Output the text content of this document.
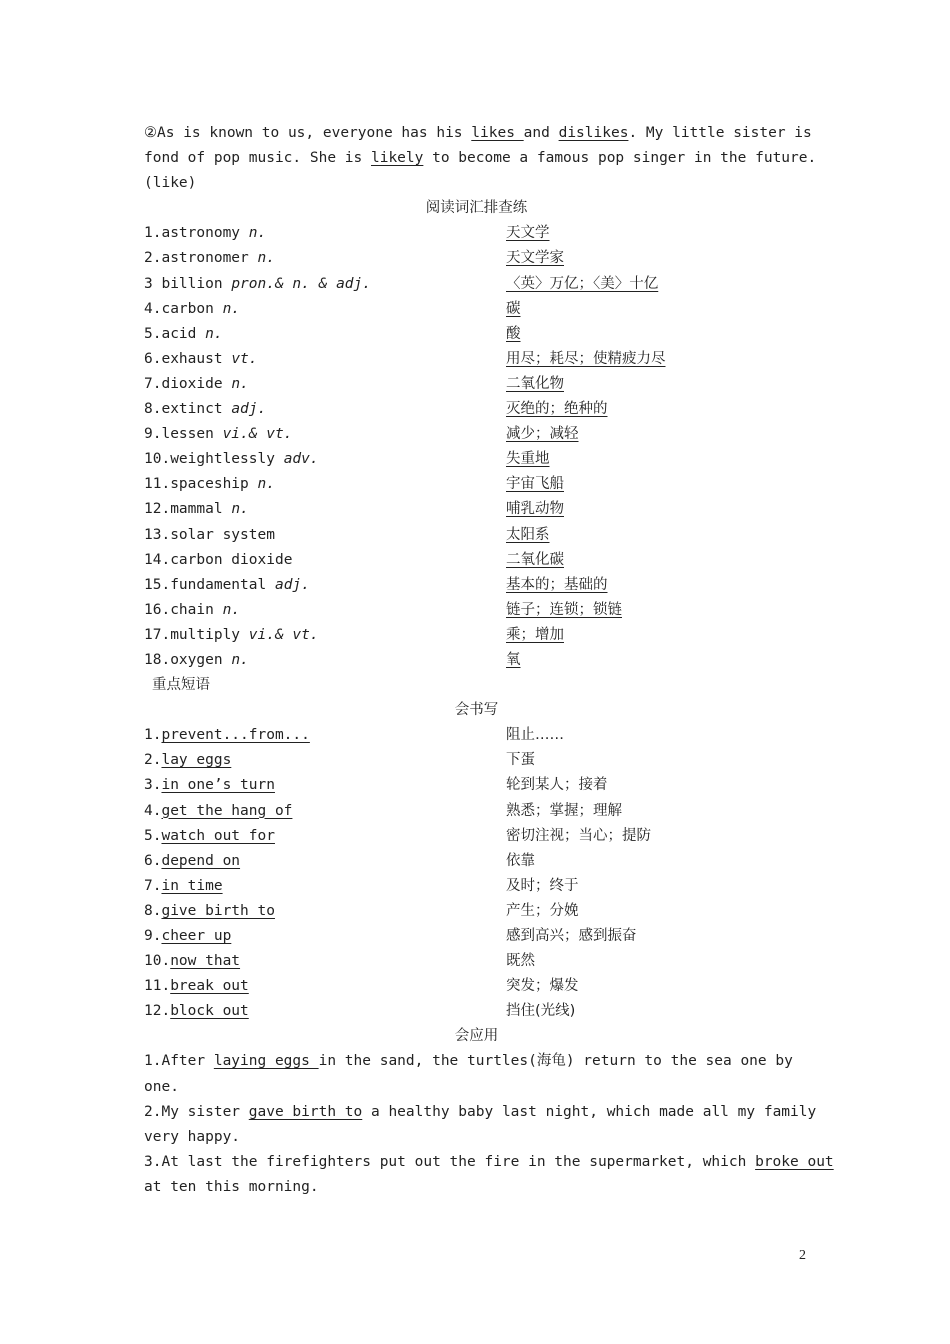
②As is known to us, everyone has his likes and dislikes. My little sister is
fond of pop music. She is likely to become a famous pop singer in the future.
(like)
阅读词汇排查练
1.astronomy n.	天文学
2.astronomer n.	天文学家
3 billion pron.& n. & adj.	〈英〉万亿；〈美〉十亿
4.carbon n.	碳
5.acid n.	酸
6.exhaust vt.	用尽；耗尽；使精疲力尽
7.dioxide n.	二氧化物
8.extinct adj.	灭绝的；绝种的
9.lessen vi.& vt.	减少；减轻
10.weightlessly adv.	失重地
11.spaceship n.	宇宙飞船
12.mammal n.	哺乳动物
13.solar system	太阳系
14.carbon dioxide	二氧化碳
15.fundamental adj.	基本的；基础的
16.chain n.	链子；连锁；锁链
17.multiply vi.& vt.	乘；增加
18.oxygen n.	氧
重点短语
会书写
1.prevent...from...	阻止……
2.lay eggs	下蛋
3.in one’s turn	轮到某人；接着
4.get the hang of	熟悉；掌握；理解
5.watch out for	密切注视；当心；提防
6.depend on	依靠
7.in time	及时；终于
8.give birth to	产生；分娩
9.cheer up	感到高兴；感到振奋
10.now that	既然
11.break out	突发；爆发
12.block out	挡住(光线)
会应用
1.After laying eggs in the sand, the turtles(海龟) return to the sea one by
one.
2.My sister gave birth to a healthy baby last night, which made all my family
very happy.
3.At last the firefighters put out the fire in the supermarket, which broke out
at ten this morning.
2
